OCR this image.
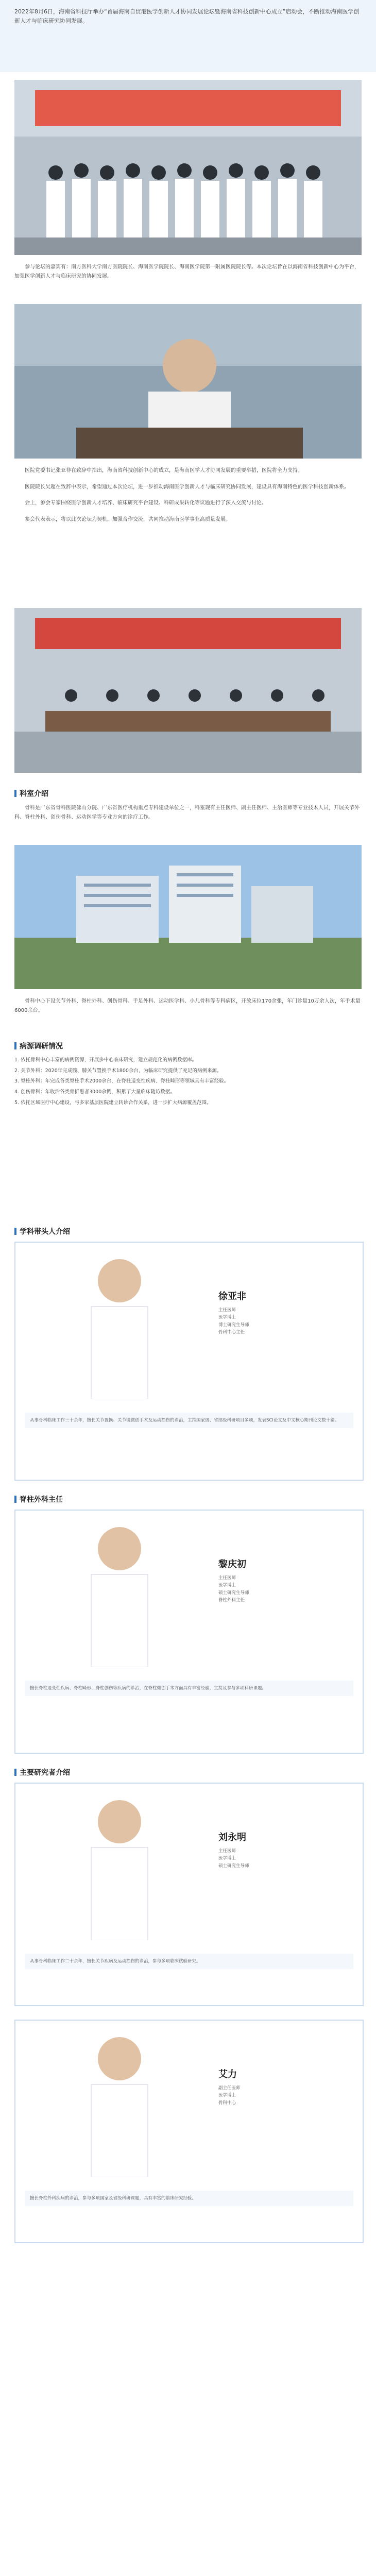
2022年8月6日，海南省科技厅举办“首届海南自贸港医学创新人才协同发展论坛暨海南省科技创新中心成立”启动会，不断推动海南医学创新人才与临床研究协同发展。

参与论坛的嘉宾有：南方医科大学南方医院院长、海南医学院院长、海南医学院第一附属医院院长等。本次论坛旨在以海南省科技创新中心为平台，加强医学创新人才与临床研究的协同发展。

医院党委书记张亚非在致辞中指出，海南省科技创新中心的成立，是海南医学人才协同发展的重要举措，医院将全力支持。

医院院长吴超在致辞中表示，希望通过本次论坛，进一步推动海南医学创新人才与临床研究协同发展，建设具有海南特色的医学科技创新体系。

会上，参会专家围绕医学创新人才培养、临床研究平台建设、科研成果转化等议题进行了深入交流与讨论。

参会代表表示，将以此次论坛为契机，加强合作交流，共同推动海南医学事业高质量发展。

科室介绍

骨科是广东省骨科医院佛山分院、广东省医疗机构重点专科建设单位之一，科室现有主任医师、副主任医师、主治医师等专业技术人员，开展关节外科、脊柱外科、创伤骨科、运动医学等专业方向的诊疗工作。

骨科中心下设关节外科、脊柱外科、创伤骨科、手足外科、运动医学科、小儿骨科等专科病区，开放床位170余张，年门诊量10万余人次，年手术量6000余台。

病源调研情况

1. 依托骨科中心丰富的病例资源，开展多中心临床研究，建立规范化的病例数据库。

2. 关节外科：2020年完成髋、膝关节置换手术1800余台，为临床研究提供了充足的病例来源。

3. 脊柱外科：年完成各类脊柱手术2000余台，在脊柱退变性疾病、脊柱畸形等领域具有丰富经验。

4. 创伤骨科：年收治各类骨折患者3000余例，积累了大量临床随访数据。

5. 依托区域医疗中心建设，与多家基层医院建立转诊合作关系，进一步扩大病源覆盖范围。

学科带头人介绍
徐亚非
主任医师
医学博士
博士研究生导师
骨科中心主任
从事骨科临床工作三十余年，擅长关节置换、关节镜微创手术及运动损伤的诊治，主持国家级、省部级科研项目多项，发表SCI论文及中文核心期刊论文数十篇。
脊柱外科主任
黎庆初
主任医师
医学博士
硕士研究生导师
脊柱外科主任
擅长脊柱退变性疾病、脊柱畸形、脊柱创伤等疾病的诊治，在脊柱微创手术方面具有丰富经验，主持及参与多项科研课题。
主要研究者介绍
刘永明
主任医师
医学博士
硕士研究生导师
从事骨科临床工作二十余年，擅长关节疾病及运动损伤的诊治，参与多项临床试验研究。
艾力
副主任医师
医学博士
骨科中心
擅长脊柱外科疾病的诊治，参与多项国家及省级科研课题，具有丰富的临床研究经验。
